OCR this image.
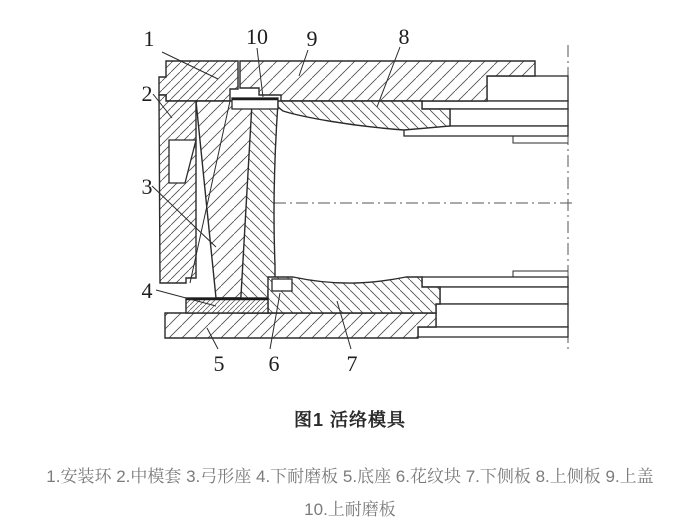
1	10 9	8
2
3
4
5 6	7
图1 活络模具
1.安装环 2.中模套 3.弓形座 4.下耐磨板 5.底座 6.花纹块 7.下侧板 8.上侧板 9.上盖
10.上耐磨板
